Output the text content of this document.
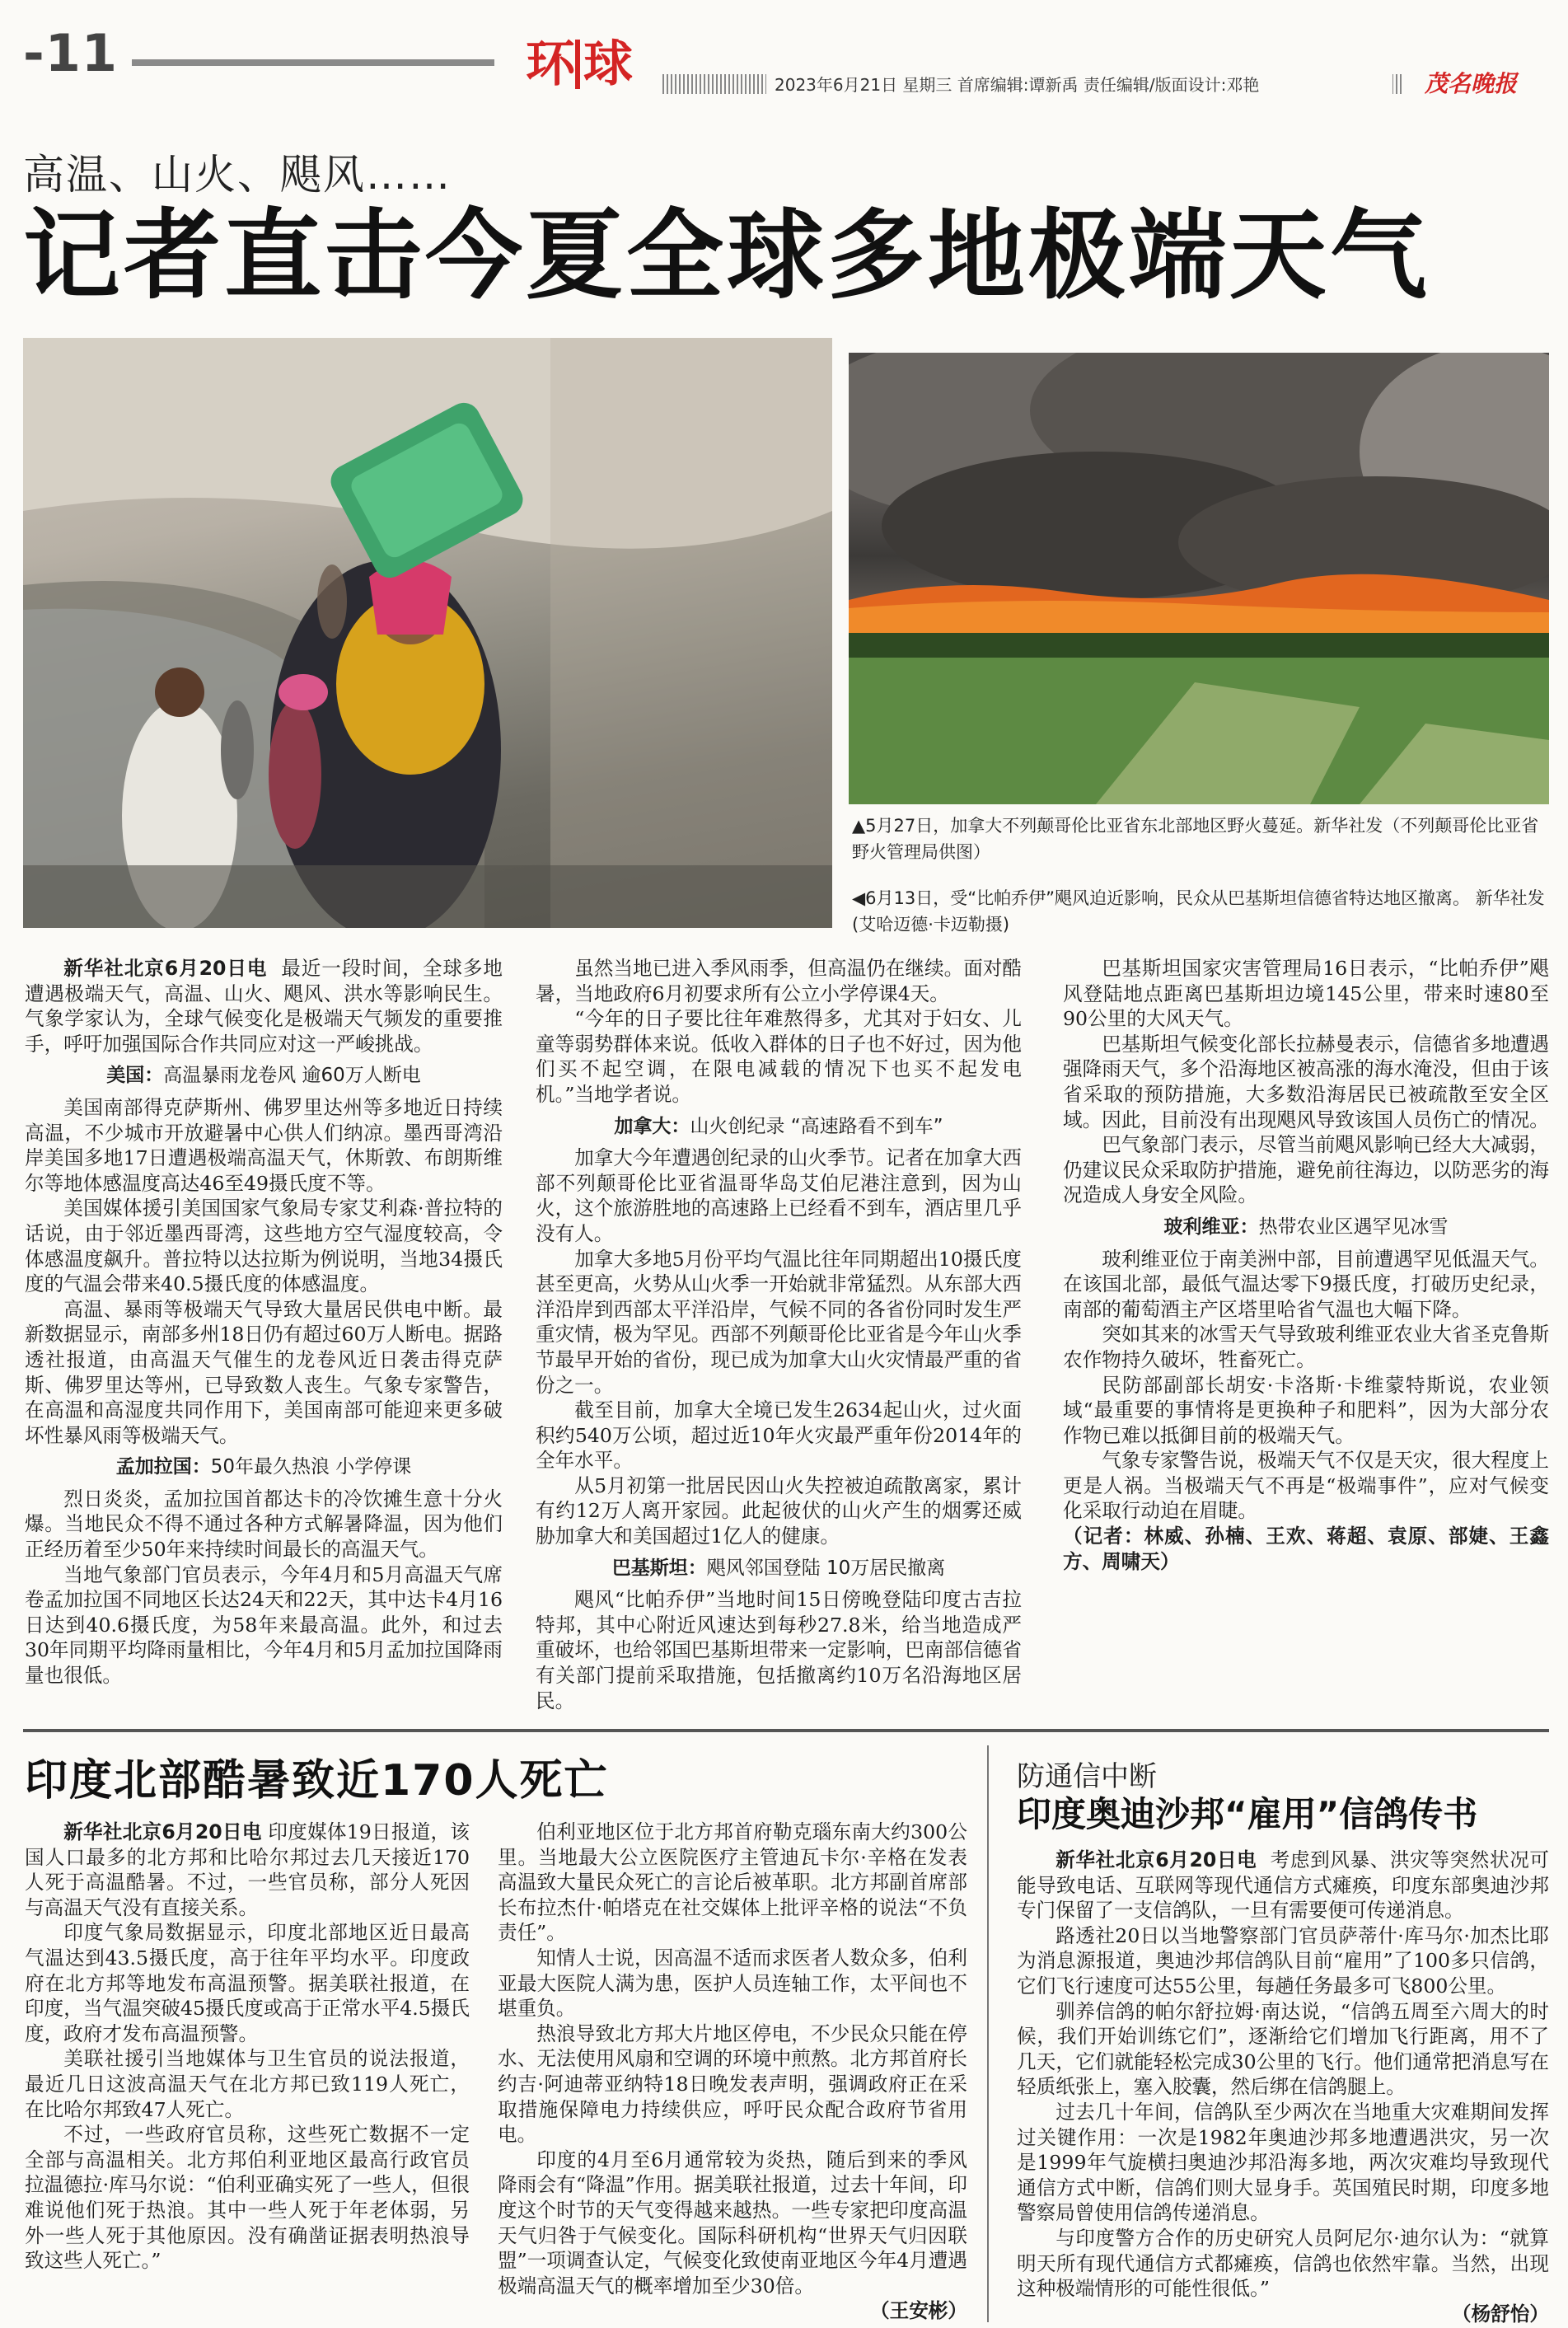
-11	环 球	2023年6月21日 星期三 首席编辑:谭新禹 责任编辑/版面设计:邓艳	茂名晚报
高温、山火、飓风……
记者直击今夏全球多地极端天气
▲5月27日，加拿大不列颠哥伦比亚省东北部地区野火蔓延。新华社发（不列颠哥伦比亚省野火管理局供图）
◀6月13日，受“比帕乔伊”飓风迫近影响，民众从巴基斯坦信德省特达地区撤离。 新华社发(艾哈迈德·卡迈勒摄)

新华社北京6月20日电 最近一段时间，全球多地遭遇极端天气，高温、山火、飓风、洪水等影响民生。气象学家认为，全球气候变化是极端天气频发的重要推手，呼吁加强国际合作共同应对这一严峻挑战。

美国：高温暴雨龙卷风 逾60万人断电

美国南部得克萨斯州、佛罗里达州等多地近日持续高温，不少城市开放避暑中心供人们纳凉。墨西哥湾沿岸美国多地17日遭遇极端高温天气，休斯敦、布朗斯维尔等地体感温度高达46至49摄氏度不等。

美国媒体援引美国国家气象局专家艾利森·普拉特的话说，由于邻近墨西哥湾，这些地方空气湿度较高，令体感温度飙升。普拉特以达拉斯为例说明，当地34摄氏度的气温会带来40.5摄氏度的体感温度。

高温、暴雨等极端天气导致大量居民供电中断。最新数据显示，南部多州18日仍有超过60万人断电。据路透社报道，由高温天气催生的龙卷风近日袭击得克萨斯、佛罗里达等州，已导致数人丧生。气象专家警告，在高温和高湿度共同作用下，美国南部可能迎来更多破坏性暴风雨等极端天气。

孟加拉国：50年最久热浪 小学停课

烈日炎炎，孟加拉国首都达卡的冷饮摊生意十分火爆。当地民众不得不通过各种方式解暑降温，因为他们正经历着至少50年来持续时间最长的高温天气。

当地气象部门官员表示，今年4月和5月高温天气席卷孟加拉国不同地区长达24天和22天，其中达卡4月16日达到40.6摄氏度，为58年来最高温。此外，和过去30年同期平均降雨量相比，今年4月和5月孟加拉国降雨量也很低。

虽然当地已进入季风雨季，但高温仍在继续。面对酷暑，当地政府6月初要求所有公立小学停课4天。

“今年的日子要比往年难熬得多，尤其对于妇女、儿童等弱势群体来说。低收入群体的日子也不好过，因为他们买不起空调，在限电减载的情况下也买不起发电机。”当地学者说。

加拿大：山火创纪录 “高速路看不到车”

加拿大今年遭遇创纪录的山火季节。记者在加拿大西部不列颠哥伦比亚省温哥华岛艾伯尼港注意到，因为山火，这个旅游胜地的高速路上已经看不到车，酒店里几乎没有人。

加拿大多地5月份平均气温比往年同期超出10摄氏度甚至更高，火势从山火季一开始就非常猛烈。从东部大西洋沿岸到西部太平洋沿岸，气候不同的各省份同时发生严重灾情，极为罕见。西部不列颠哥伦比亚省是今年山火季节最早开始的省份，现已成为加拿大山火灾情最严重的省份之一。

截至目前，加拿大全境已发生2634起山火，过火面积约540万公顷，超过近10年火灾最严重年份2014年的全年水平。

从5月初第一批居民因山火失控被迫疏散离家，累计有约12万人离开家园。此起彼伏的山火产生的烟雾还威胁加拿大和美国超过1亿人的健康。

巴基斯坦：飓风邻国登陆 10万居民撤离

飓风“比帕乔伊”当地时间15日傍晚登陆印度古吉拉特邦，其中心附近风速达到每秒27.8米，给当地造成严重破坏，也给邻国巴基斯坦带来一定影响，巴南部信德省有关部门提前采取措施，包括撤离约10万名沿海地区居民。

巴基斯坦国家灾害管理局16日表示，“比帕乔伊”飓风登陆地点距离巴基斯坦边境145公里，带来时速80至90公里的大风天气。

巴基斯坦气候变化部长拉赫曼表示，信德省多地遭遇强降雨天气，多个沿海地区被高涨的海水淹没，但由于该省采取的预防措施，大多数沿海居民已被疏散至安全区域。因此，目前没有出现飓风导致该国人员伤亡的情况。

巴气象部门表示，尽管当前飓风影响已经大大减弱，仍建议民众采取防护措施，避免前往海边，以防恶劣的海况造成人身安全风险。

玻利维亚：热带农业区遇罕见冰雪

玻利维亚位于南美洲中部，目前遭遇罕见低温天气。在该国北部，最低气温达零下9摄氏度，打破历史纪录，南部的葡萄酒主产区塔里哈省气温也大幅下降。

突如其来的冰雪天气导致玻利维亚农业大省圣克鲁斯农作物持久破坏，牲畜死亡。

民防部副部长胡安·卡洛斯·卡维蒙特斯说，农业领域“最重要的事情将是更换种子和肥料”，因为大部分农作物已难以抵御目前的极端天气。

气象专家警告说，极端天气不仅是天灾，很大程度上更是人祸。当极端天气不再是“极端事件”，应对气候变化采取行动迫在眉睫。

（记者：林威、孙楠、王欢、蒋超、袁原、部婕、王鑫方、周啸天）

印度北部酷暑致近170人死亡

新华社北京6月20日电 印度媒体19日报道，该国人口最多的北方邦和比哈尔邦过去几天接近170人死于高温酷暑。不过，一些官员称，部分人死因与高温天气没有直接关系。

印度气象局数据显示，印度北部地区近日最高气温达到43.5摄氏度，高于往年平均水平。印度政府在北方邦等地发布高温预警。据美联社报道，在印度，当气温突破45摄氏度或高于正常水平4.5摄氏度，政府才发布高温预警。

美联社援引当地媒体与卫生官员的说法报道，最近几日这波高温天气在北方邦已致119人死亡，在比哈尔邦致47人死亡。

不过，一些政府官员称，这些死亡数据不一定全部与高温相关。北方邦伯利亚地区最高行政官员拉温德拉·库马尔说：“伯利亚确实死了一些人，但很难说他们死于热浪。其中一些人死于年老体弱，另外一些人死于其他原因。没有确凿证据表明热浪导致这些人死亡。”

伯利亚地区位于北方邦首府勒克瑙东南大约300公里。当地最大公立医院医疗主管迪瓦卡尔·辛格在发表高温致大量民众死亡的言论后被革职。北方邦副首席部长布拉杰什·帕塔克在社交媒体上批评辛格的说法“不负责任”。

知情人士说，因高温不适而求医者人数众多，伯利亚最大医院人满为患，医护人员连轴工作，太平间也不堪重负。

热浪导致北方邦大片地区停电，不少民众只能在停水、无法使用风扇和空调的环境中煎熬。北方邦首府长约吉·阿迪蒂亚纳特18日晚发表声明，强调政府正在采取措施保障电力持续供应，呼吁民众配合政府节省用电。

印度的4月至6月通常较为炎热，随后到来的季风降雨会有“降温”作用。据美联社报道，过去十年间，印度这个时节的天气变得越来越热。一些专家把印度高温天气归咎于气候变化。国际科研机构“世界天气归因联盟”一项调查认定，气候变化致使南亚地区今年4月遭遇极端高温天气的概率增加至少30倍。

（王安彬）

防通信中断
印度奥迪沙邦“雇用”信鸽传书

新华社北京6月20日电 考虑到风暴、洪灾等突然状况可能导致电话、互联网等现代通信方式瘫痪，印度东部奥迪沙邦专门保留了一支信鸽队，一旦有需要便可传递消息。

路透社20日以当地警察部门官员萨蒂什·库马尔·加杰比耶为消息源报道，奥迪沙邦信鸽队目前“雇用”了100多只信鸽，它们飞行速度可达55公里，每趟任务最多可飞800公里。

驯养信鸽的帕尔舒拉姆·南达说，“信鸽五周至六周大的时候，我们开始训练它们”，逐渐给它们增加飞行距离，用不了几天，它们就能轻松完成30公里的飞行。他们通常把消息写在轻质纸张上，塞入胶囊，然后绑在信鸽腿上。

过去几十年间，信鸽队至少两次在当地重大灾难期间发挥过关键作用：一次是1982年奥迪沙邦多地遭遇洪灾，另一次是1999年气旋横扫奥迪沙邦沿海多地，两次灾难均导致现代通信方式中断，信鸽们则大显身手。英国殖民时期，印度多地警察局曾使用信鸽传递消息。

与印度警方合作的历史研究人员阿尼尔·迪尔认为：“就算明天所有现代通信方式都瘫痪，信鸽也依然牢靠。当然，出现这种极端情形的可能性很低。”

（杨舒怡）
